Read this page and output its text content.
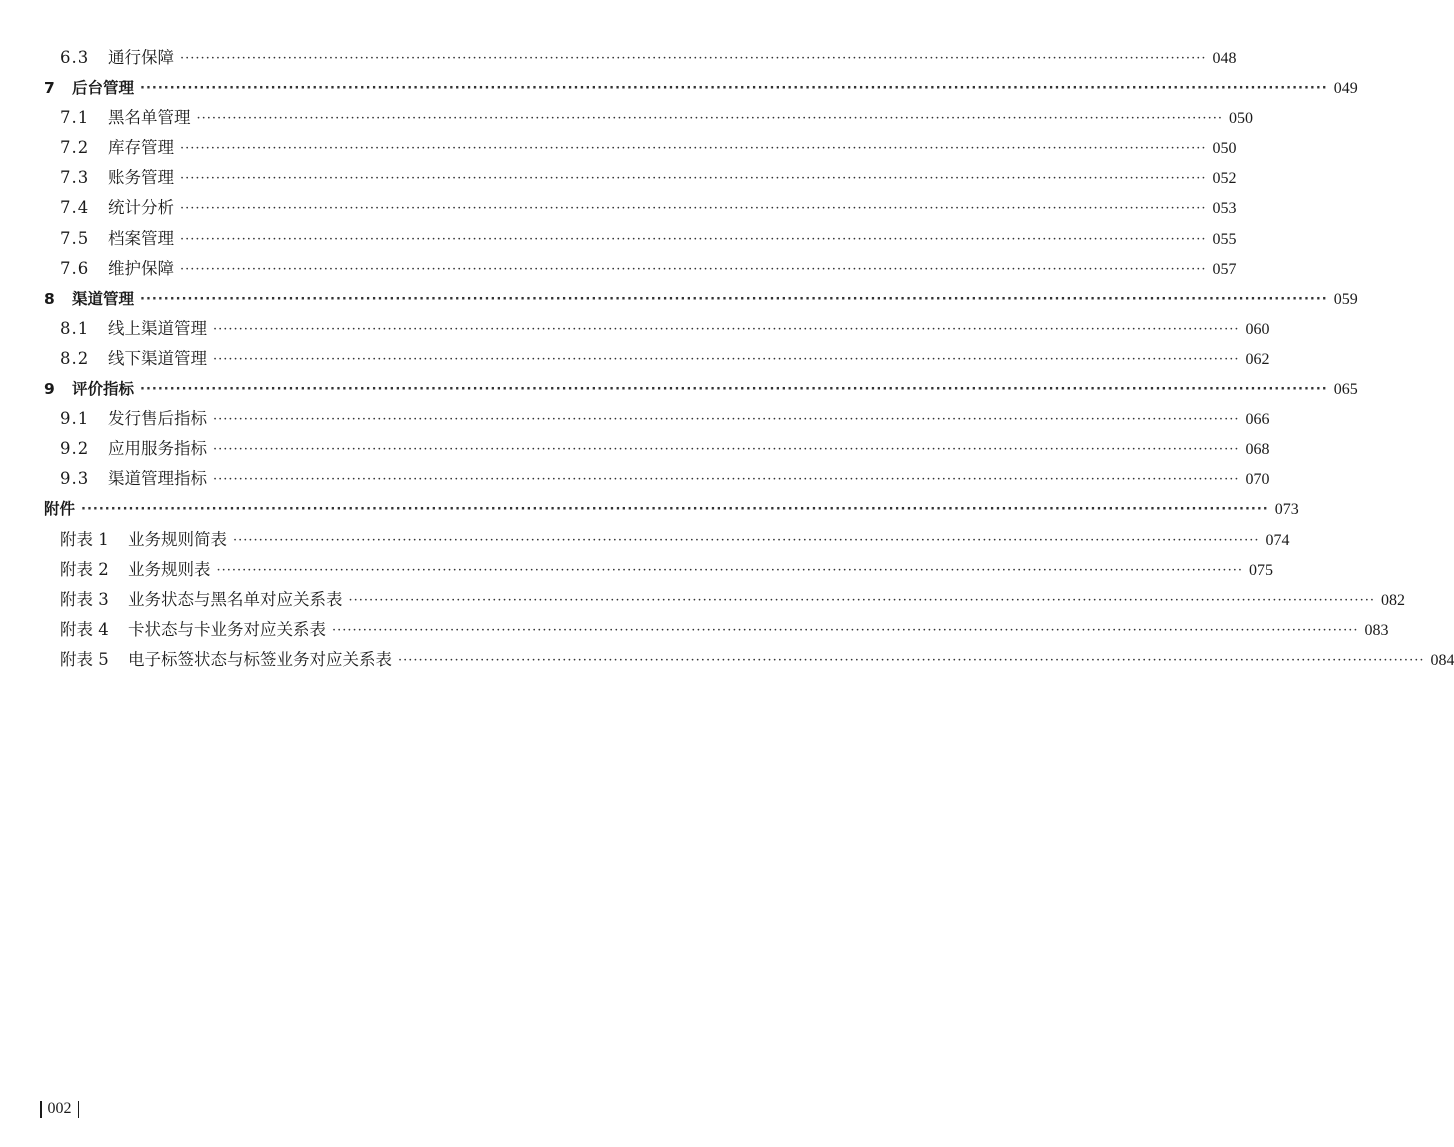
6.3	通行保障 ········································································································································································································ 048
7	后台管理 ········································································································································································································ 049
7.1	黑名单管理 ········································································································································································································ 050
7.2	库存管理 ········································································································································································································ 050
7.3	账务管理 ········································································································································································································ 052
7.4	统计分析 ········································································································································································································ 053
7.5	档案管理 ········································································································································································································ 055
7.6	维护保障 ········································································································································································································ 057
8	渠道管理 ········································································································································································································ 059
8.1	线上渠道管理 ········································································································································································································ 060
8.2	线下渠道管理 ········································································································································································································ 062
9	评价指标 ········································································································································································································ 065
9.1	发行售后指标 ········································································································································································································ 066
9.2	应用服务指标 ········································································································································································································ 068
9.3	渠道管理指标 ········································································································································································································ 070
附件 ········································································································································································································ 073
附表 1	业务规则简表 ········································································································································································································ 074
附表 2	业务规则表 ········································································································································································································ 075
附表 3	业务状态与黑名单对应关系表 ········································································································································································································ 082
附表 4	卡状态与卡业务对应关系表 ········································································································································································································ 083
附表 5	电子标签状态与标签业务对应关系表 ········································································································································································································ 084
002
